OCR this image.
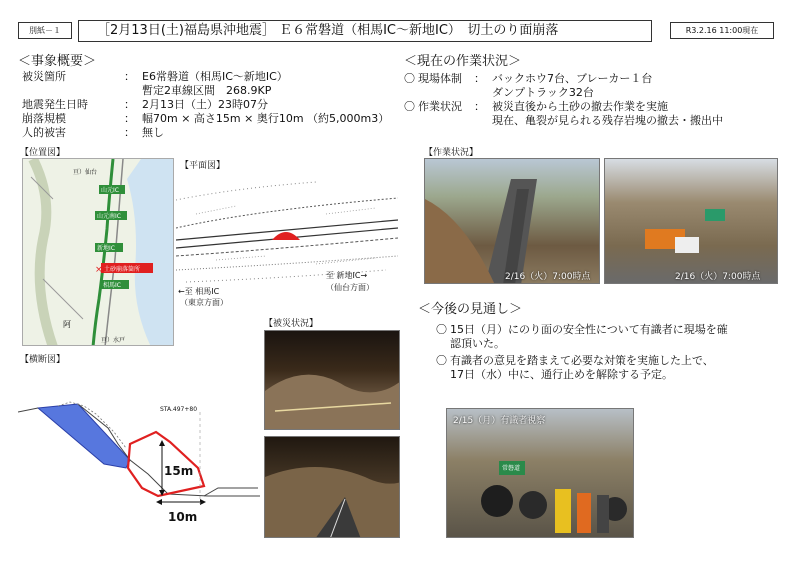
別紙－１	［2月13日(土)福島県沖地震］ Ｅ６常磐道（相馬IC～新地IC）　切土のり面崩落	R3.2.16 11:00現在
＜事象概要＞
被災箇所	： E6常磐道（相馬IC～新地IC）
暫定2車線区間　268.9KP
地震発生日時	： 2月13日（土）23時07分
崩落規模	： 幅70m × 高さ15m × 奥行10m （約5,000m3）
人的被害	： 無し
【位置図】
×
亘）仙台
山元IC
山元南IC
新地IC
土砂崩落箇所
相馬IC
阿
亘）水戸
【平面図】
至 新地IC→
（仙台方面）
←至 相馬IC
（東京方面）
【被災状況】
【横断図】
STA.497+80
15m
10m
＜現在の作業状況＞
〇 現場体制 ： バックホウ7台、ブレーカー１台
ダンプトラック32台
〇 作業状況 ： 被災直後から土砂の撤去作業を実施
現在、亀裂が見られる残存岩塊の撤去・搬出中
【作業状況】
2/16（火）7:00時点	2/16（火）7:00時点
＜今後の見通し＞
〇 15日（月）にのり面の安全性について有識者に現場を確
認頂いた。
〇 有識者の意見を踏まえて必要な対策を実施した上で、
17日（水）中に、通行止めを解除する予定。
常磐道
2/15（月）有識者視察
